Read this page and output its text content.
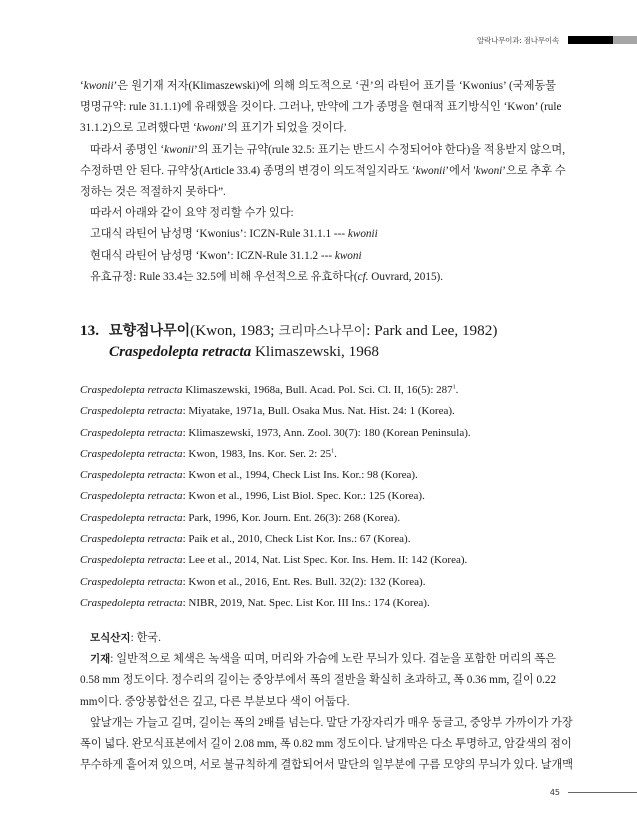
알락나무이과: 점나무이속
‘kwonii’은 원기재 저자(Klimaszewski)에 의해 의도적으로 ‘권’의 라틴어 표기를 ‘Kwonius’ (국제동물
명명규약: rule 31.1.1)에 유래했을 것이다. 그러나, 만약에 그가 종명을 현대적 표기방식인 ‘Kwon’ (rule
31.1.2)으로 고려했다면 ‘kwoni’의 표기가 되었을 것이다.
따라서 종명인 ‘kwonii’의 표기는 규약(rule 32.5: 표기는 반드시 수정되어야 한다)을 적용받지 않으며,
수정하면 안 된다. 규약상(Article 33.4) 종명의 변경이 의도적일지라도 ‘kwonii’에서 'kwoni’으로 추후 수
정하는 것은 적절하지 못하다”.
따라서 아래와 같이 요약 정리할 수가 있다:
고대식 라틴어 남성명 ‘Kwonius’: ICZN-Rule 31.1.1 --- kwonii
현대식 라틴어 남성명 ‘Kwon’: ICZN-Rule 31.1.2 --- kwoni
유효규정: Rule 33.4는 32.5에 비해 우선적으로 유효하다(cf. Ouvrard, 2015).
13. 묘향점나무이(Kwon, 1983; 크리마스나무이: Park and Lee, 1982)
Craspedolepta retracta Klimaszewski, 1968
Craspedolepta retracta Klimaszewski, 1968a, Bull. Acad. Pol. Sci. Cl. II, 16(5): $287^1$.
Craspedolepta retracta: Miyatake, 1971a, Bull. Osaka Mus. Nat. Hist. 24: 1 (Korea).
Craspedolepta retracta: Klimaszewski, 1973, Ann. Zool. 30(7): 180 (Korean Peninsula).
Craspedolepta retracta: Kwon, 1983, Ins. Kor. Ser. 2: $25^1$.
Craspedolepta retracta: Kwon et al., 1994, Check List Ins. Kor.: 98 (Korea).
Craspedolepta retracta: Kwon et al., 1996, List Biol. Spec. Kor.: 125 (Korea).
Craspedolepta retracta: Park, 1996, Kor. Journ. Ent. 26(3): 268 (Korea).
Craspedolepta retracta: Paik et al., 2010, Check List Kor. Ins.: 67 (Korea).
Craspedolepta retracta: Lee et al., 2014, Nat. List Spec. Kor. Ins. Hem. II: 142 (Korea).
Craspedolepta retracta: Kwon et al., 2016, Ent. Res. Bull. 32(2): 132 (Korea).
Craspedolepta retracta: NIBR, 2019, Nat. Spec. List Kor. III Ins.: 174 (Korea).
모식산지: 한국.
기재: 일반적으로 체색은 녹색을 띠며, 머리와 가슴에 노란 무늬가 있다. 겹눈을 포함한 머리의 폭은
0.58 mm 정도이다. 정수리의 길이는 중앙부에서 폭의 절반을 확실히 초과하고, 폭 0.36 mm, 길이 0.22
mm이다. 중앙봉합선은 깊고, 다른 부분보다 색이 어둡다.
앞날개는 가늘고 길며, 길이는 폭의 2배를 넘는다. 말단 가장자리가 매우 둥글고, 중앙부 가까이가 가장
폭이 넓다. 완모식표본에서 길이 2.08 mm, 폭 0.82 mm 정도이다. 날개막은 다소 투명하고, 암갈색의 점이
무수하게 흩어져 있으며, 서로 불규칙하게 결합되어서 말단의 일부분에 구름 모양의 무늬가 있다. 날개맥
45
